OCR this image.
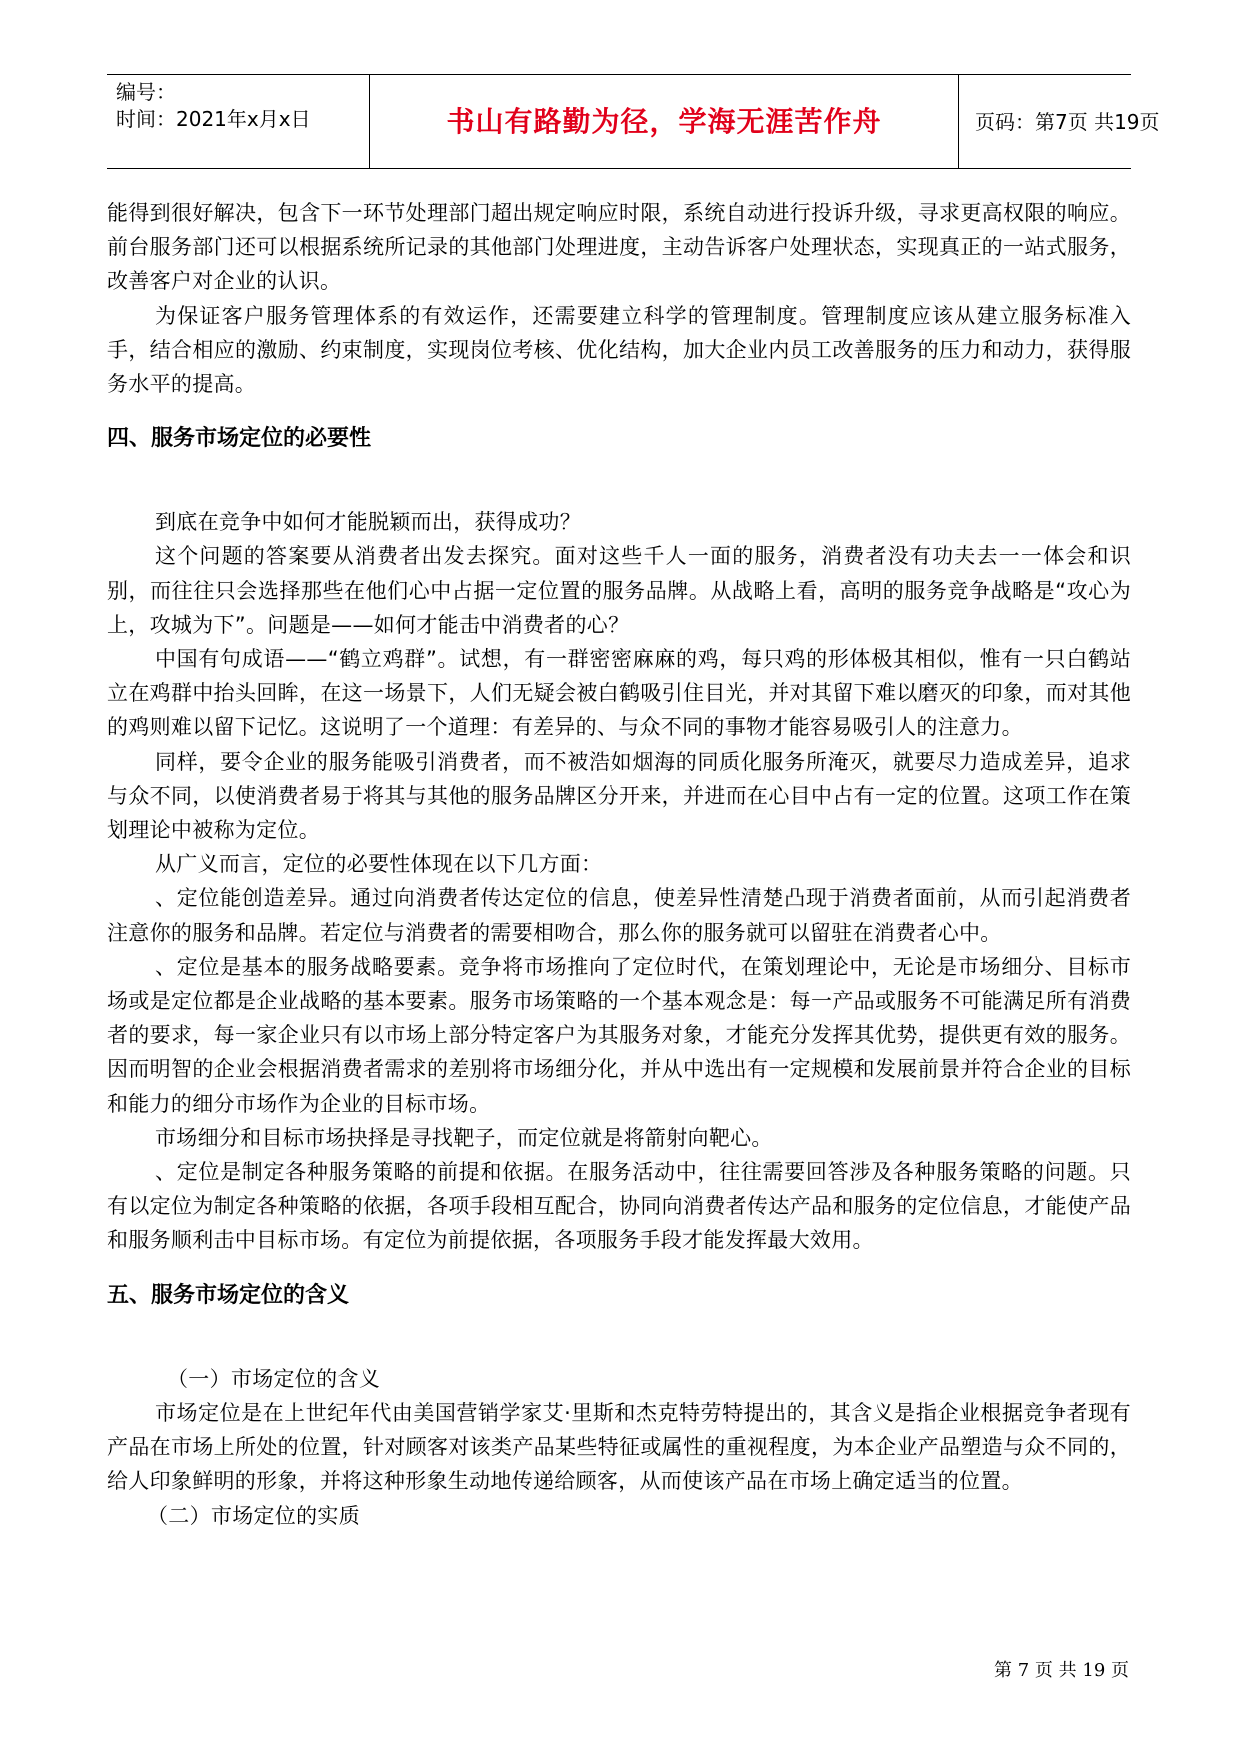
编号：
时间：2021年x月x日	书山有路勤为径，学海无涯苦作舟	页码：第7页 共19页

能得到很好解决，包含下一环节处理部门超出规定响应时限，系统自动进行投诉升级，寻求更高权限的响应。前台服务部门还可以根据系统所记录的其他部门处理进度，主动告诉客户处理状态，实现真正的一站式服务，改善客户对企业的认识。

为保证客户服务管理体系的有效运作，还需要建立科学的管理制度。管理制度应该从建立服务标准入手，结合相应的激励、约束制度，实现岗位考核、优化结构，加大企业内员工改善服务的压力和动力，获得服务水平的提高。

四、服务市场定位的必要性

到底在竞争中如何才能脱颖而出，获得成功？

这个问题的答案要从消费者出发去探究。面对这些千人一面的服务，消费者没有功夫去一一体会和识别，而往往只会选择那些在他们心中占据一定位置的服务品牌。从战略上看，高明的服务竞争战略是“攻心为上，攻城为下”。问题是——如何才能击中消费者的心？

中国有句成语——“鹤立鸡群”。试想，有一群密密麻麻的鸡，每只鸡的形体极其相似，惟有一只白鹤站立在鸡群中抬头回眸，在这一场景下，人们无疑会被白鹤吸引住目光，并对其留下难以磨灭的印象，而对其他的鸡则难以留下记忆。这说明了一个道理：有差异的、与众不同的事物才能容易吸引人的注意力。

同样，要令企业的服务能吸引消费者，而不被浩如烟海的同质化服务所淹灭，就要尽力造成差异，追求与众不同，以使消费者易于将其与其他的服务品牌区分开来，并进而在心目中占有一定的位置。这项工作在策划理论中被称为定位。

从广义而言，定位的必要性体现在以下几方面：

、定位能创造差异。通过向消费者传达定位的信息，使差异性清楚凸现于消费者面前，从而引起消费者注意你的服务和品牌。若定位与消费者的需要相吻合，那么你的服务就可以留驻在消费者心中。

、定位是基本的服务战略要素。竞争将市场推向了定位时代，在策划理论中，无论是市场细分、目标市场或是定位都是企业战略的基本要素。服务市场策略的一个基本观念是：每一产品或服务不可能满足所有消费者的要求，每一家企业只有以市场上部分特定客户为其服务对象，才能充分发挥其优势，提供更有效的服务。因而明智的企业会根据消费者需求的差别将市场细分化，并从中选出有一定规模和发展前景并符合企业的目标和能力的细分市场作为企业的目标市场。

市场细分和目标市场抉择是寻找靶子，而定位就是将箭射向靶心。

、定位是制定各种服务策略的前提和依据。在服务活动中，往往需要回答涉及各种服务策略的问题。只有以定位为制定各种策略的依据，各项手段相互配合，协同向消费者传达产品和服务的定位信息，才能使产品和服务顺利击中目标市场。有定位为前提依据，各项服务手段才能发挥最大效用。

五、服务市场定位的含义

（一）市场定位的含义

市场定位是在上世纪年代由美国营销学家艾·里斯和杰克特劳特提出的，其含义是指企业根据竞争者现有产品在市场上所处的位置，针对顾客对该类产品某些特征或属性的重视程度，为本企业产品塑造与众不同的，给人印象鲜明的形象，并将这种形象生动地传递给顾客，从而使该产品在市场上确定适当的位置。

（二）市场定位的实质

第 7 页 共 19 页
